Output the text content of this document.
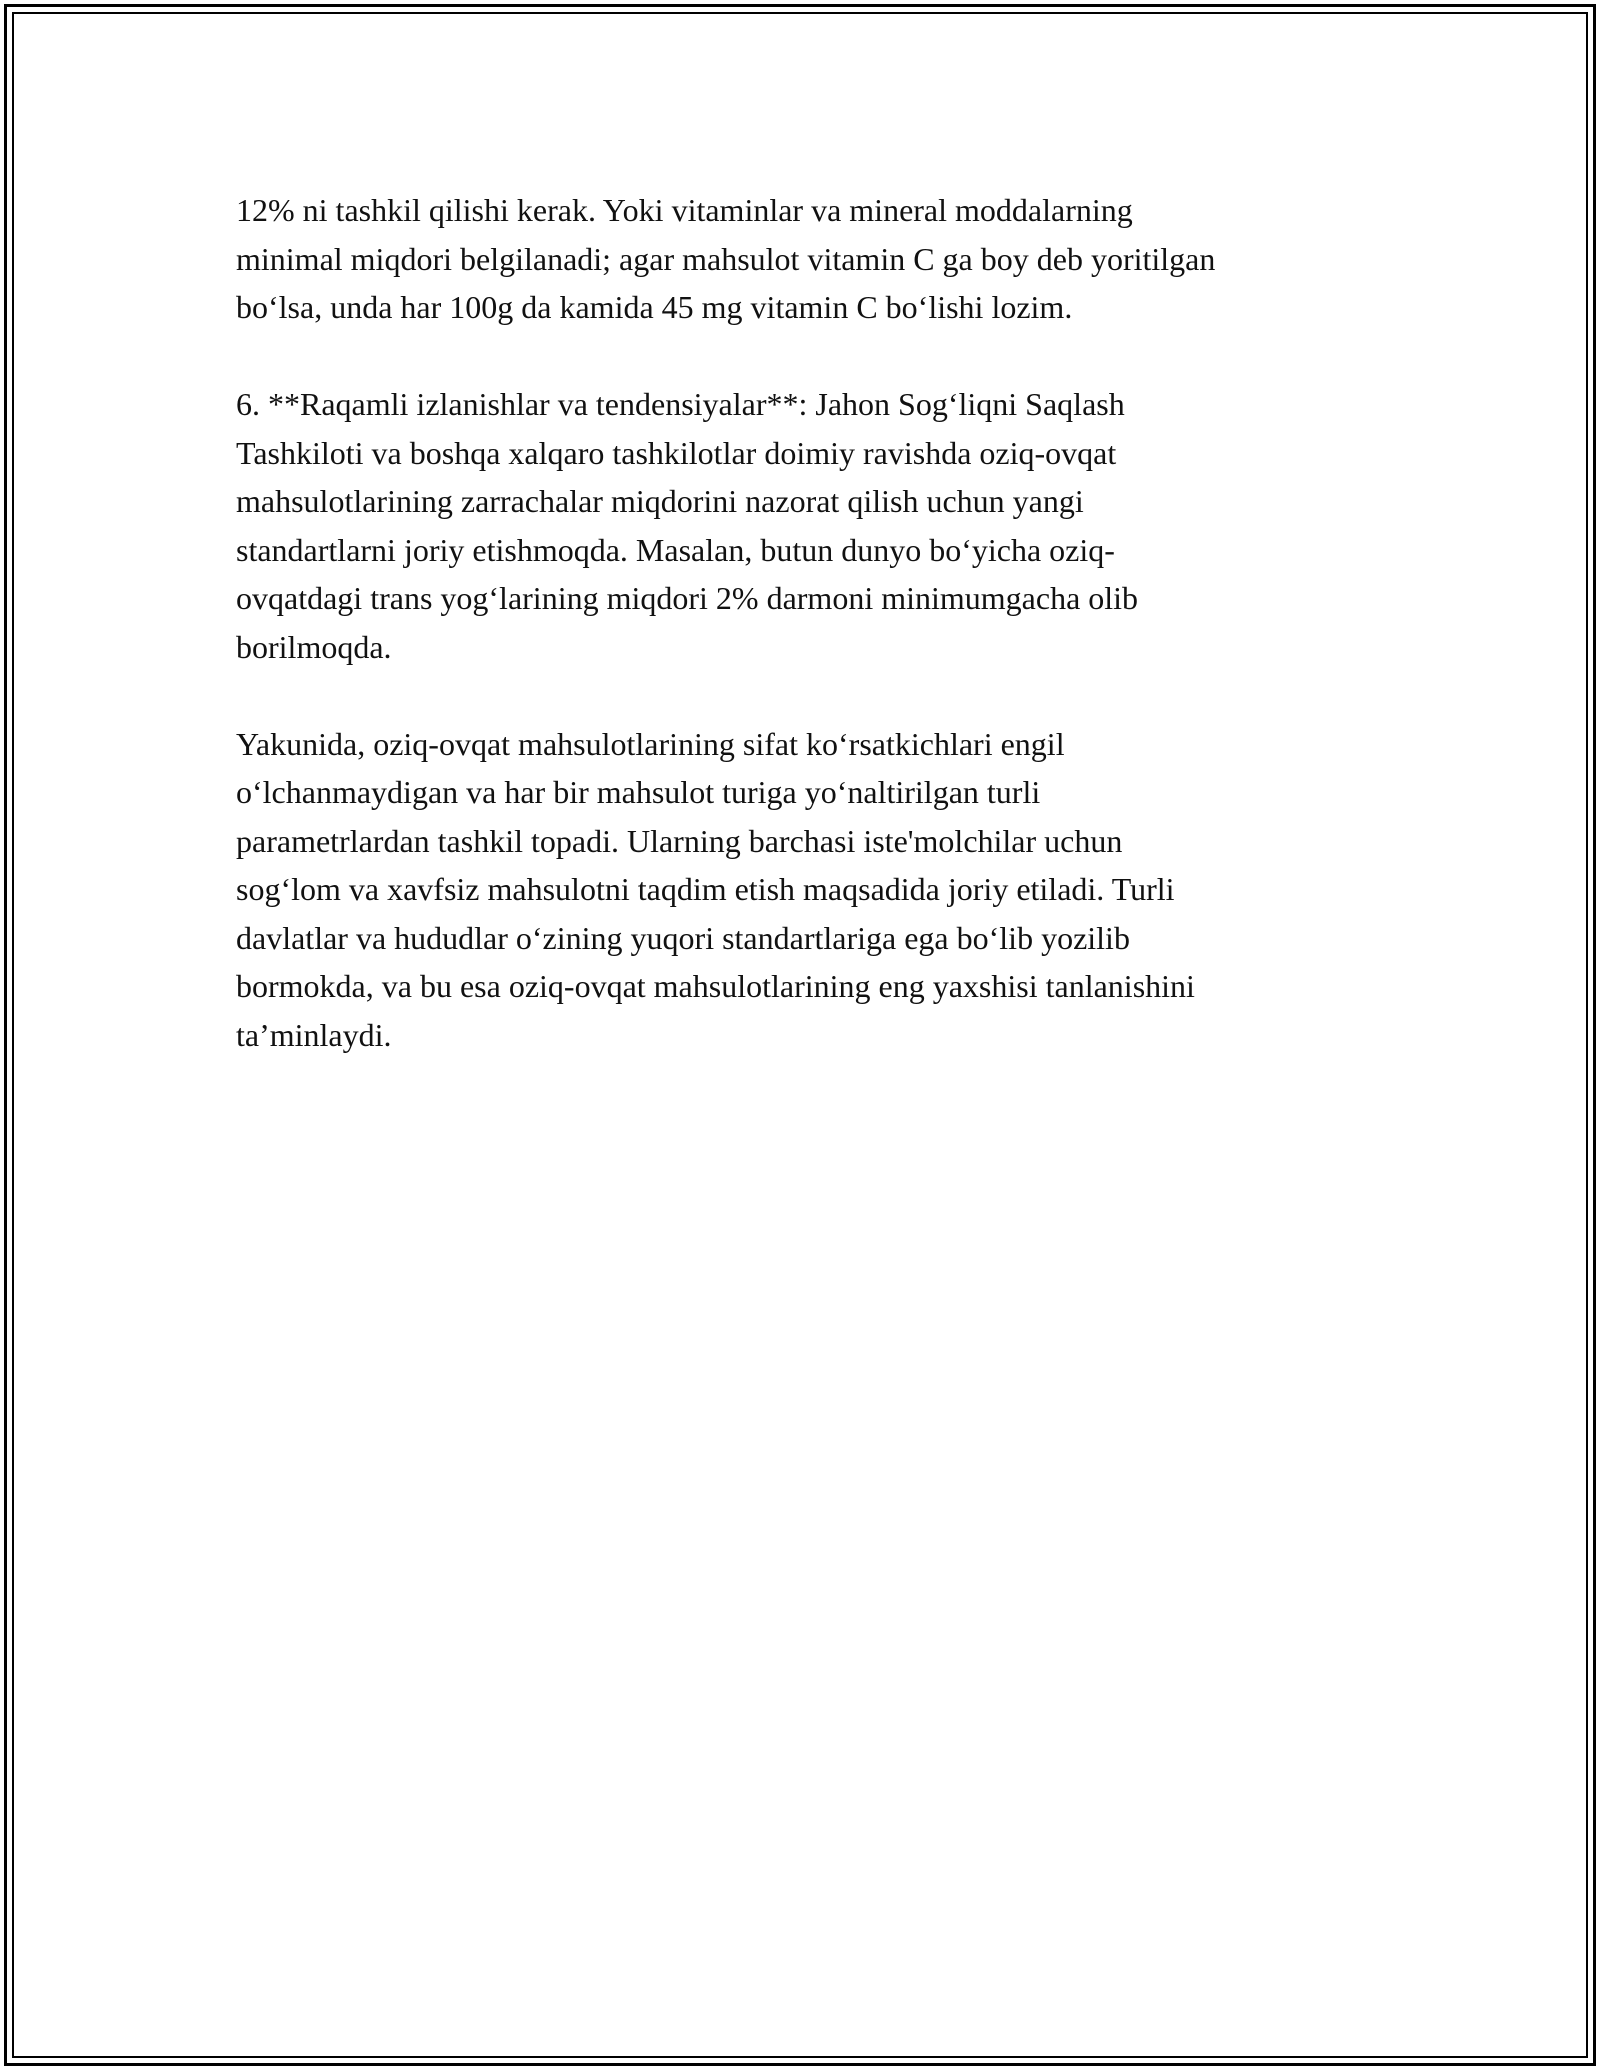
12% ni tashkil qilishi kerak. Yoki vitaminlar va mineral moddalarning
minimal miqdori belgilanadi; agar mahsulot vitamin C ga boy deb yoritilgan
bo‘lsa, unda har 100g da kamida 45 mg vitamin C bo‘lishi lozim.

6. **Raqamli izlanishlar va tendensiyalar**: Jahon Sog‘liqni Saqlash
Tashkiloti va boshqa xalqaro tashkilotlar doimiy ravishda oziq-ovqat
mahsulotlarining zarrachalar miqdorini nazorat qilish uchun yangi
standartlarni joriy etishmoqda. Masalan, butun dunyo bo‘yicha oziq-
ovqatdagi trans yog‘larining miqdori 2% darmoni minimumgacha olib
borilmoqda.

Yakunida, oziq-ovqat mahsulotlarining sifat ko‘rsatkichlari engil
o‘lchanmaydigan va har bir mahsulot turiga yo‘naltirilgan turli
parametrlardan tashkil topadi. Ularning barchasi iste'molchilar uchun
sog‘lom va xavfsiz mahsulotni taqdim etish maqsadida joriy etiladi. Turli
davlatlar va hududlar o‘zining yuqori standartlariga ega bo‘lib yozilib
bormokda, va bu esa oziq-ovqat mahsulotlarining eng yaxshisi tanlanishini
ta’minlaydi.
